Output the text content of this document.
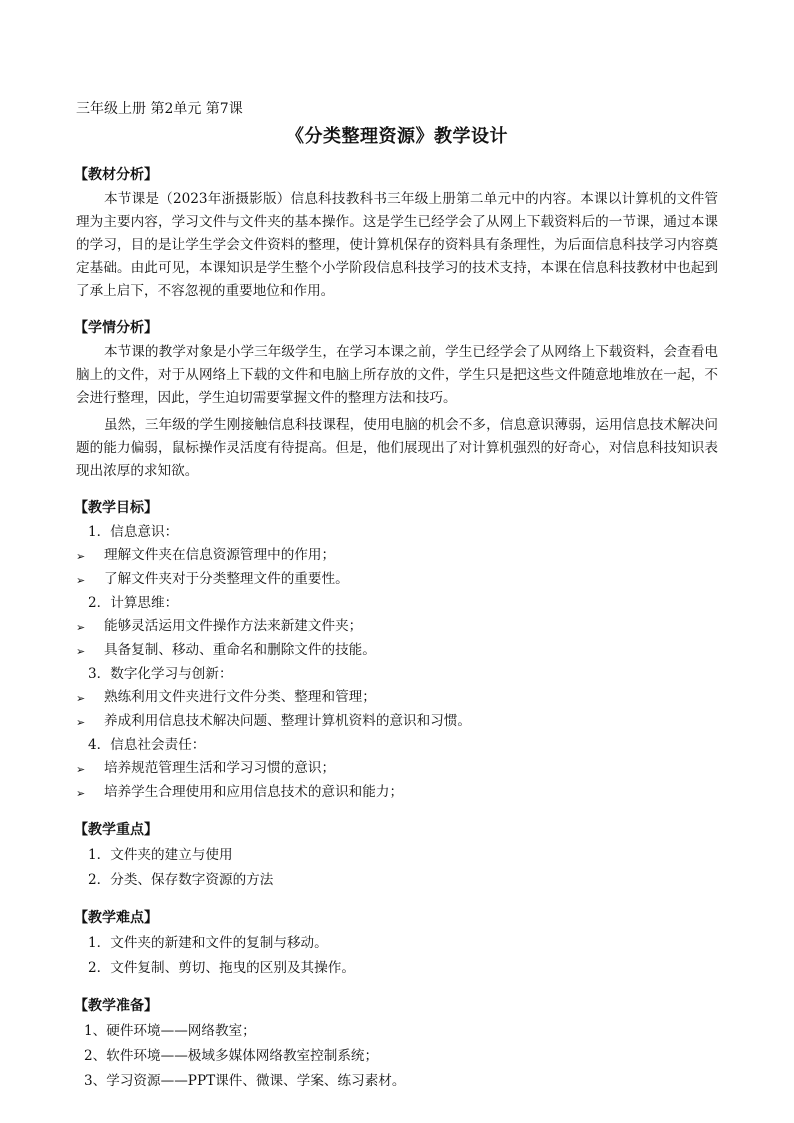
三年级上册 第2单元 第7课
《分类整理资源》教学设计
【教材分析】
本节课是（2023年浙摄影版）信息科技教科书三年级上册第二单元中的内容。本课以计算机的文件管理为主要内容，学习文件与文件夹的基本操作。这是学生已经学会了从网上下载资料后的一节课，通过本课的学习，目的是让学生学会文件资料的整理，使计算机保存的资料具有条理性，为后面信息科技学习内容奠定基础。由此可见，本课知识是学生整个小学阶段信息科技学习的技术支持，本课在信息科技教材中也起到了承上启下，不容忽视的重要地位和作用。
【学情分析】
本节课的教学对象是小学三年级学生，在学习本课之前，学生已经学会了从网络上下载资料，会查看电脑上的文件，对于从网络上下载的文件和电脑上所存放的文件，学生只是把这些文件随意地堆放在一起，不会进行整理，因此，学生迫切需要掌握文件的整理方法和技巧。
虽然，三年级的学生刚接触信息科技课程，使用电脑的机会不多，信息意识薄弱，运用信息技术解决问题的能力偏弱，鼠标操作灵活度有待提高。但是，他们展现出了对计算机强烈的好奇心，对信息科技知识表现出浓厚的求知欲。
【教学目标】
1．信息意识：
➢	理解文件夹在信息资源管理中的作用；
➢	了解文件夹对于分类整理文件的重要性。
2．计算思维：
➢	能够灵活运用文件操作方法来新建文件夹；
➢	具备复制、移动、重命名和删除文件的技能。
3．数字化学习与创新：
➢	熟练利用文件夹进行文件分类、整理和管理；
➢	养成利用信息技术解决问题、整理计算机资料的意识和习惯。
4．信息社会责任：
➢	培养规范管理生活和学习习惯的意识；
➢	培养学生合理使用和应用信息技术的意识和能力；
【教学重点】
1．文件夹的建立与使用
2．分类、保存数字资源的方法
【教学难点】
1．文件夹的新建和文件的复制与移动。
2．文件复制、剪切、拖曳的区别及其操作。
【教学准备】
1、硬件环境——网络教室；
2、软件环境——极域多媒体网络教室控制系统；
3、学习资源——PPT课件、微课、学案、练习素材。
